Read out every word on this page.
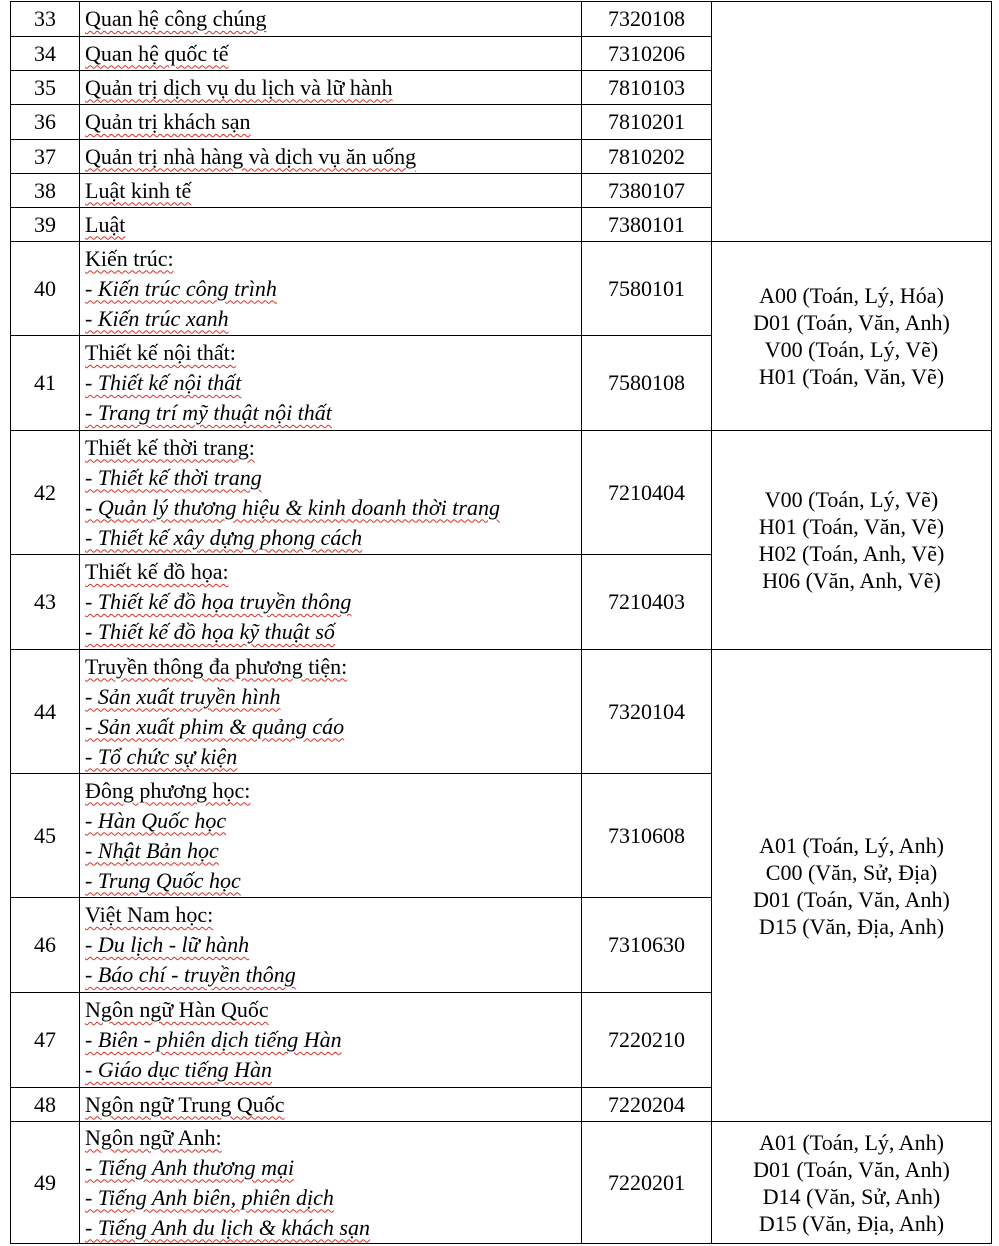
33	Quan hệ công chúng	7320108	
34	Quan hệ quốc tế	7310206	
35	Quản trị dịch vụ du lịch và lữ hành	7810103	
36	Quản trị khách sạn	7810201	
37	Quản trị nhà hàng và dịch vụ ăn uống	7810202	
38	Luật kinh tế	7380107	
39	Luật	7380101	
40	Kiến trúc:
- Kiến trúc công trình
- Kiến trúc xanh	7580101	A00 (Toán, Lý, Hóa)
D01 (Toán, Văn, Anh)
V00 (Toán, Lý, Vẽ)
H01 (Toán, Văn, Vẽ)

41	Thiết kế nội thất:
- Thiết kế nội thất
- Trang trí mỹ thuật nội thất	7580108	
42	Thiết kế thời trang:
- Thiết kế thời trang
- Quản lý thương hiệu & kinh doanh thời trang
- Thiết kế xây dựng phong cách	7210404	V00 (Toán, Lý, Vẽ)
H01 (Toán, Văn, Vẽ)
H02 (Toán, Anh, Vẽ)
H06 (Văn, Anh, Vẽ)

43	Thiết kế đồ họa:
- Thiết kế đồ họa truyền thông
- Thiết kế đồ họa kỹ thuật số	7210403	
44	Truyền thông đa phương tiện:
- Sản xuất truyền hình
- Sản xuất phim & quảng cáo
- Tổ chức sự kiện	7320104	A01 (Toán, Lý, Anh)
C00 (Văn, Sử, Địa)
D01 (Toán, Văn, Anh)
D15 (Văn, Địa, Anh)

45	Đông phương học:
- Hàn Quốc học
- Nhật Bản học
- Trung Quốc học	7310608	
46	Việt Nam học:
- Du lịch - lữ hành
- Báo chí - truyền thông	7310630	
47	Ngôn ngữ Hàn Quốc
- Biên - phiên dịch tiếng Hàn
- Giáo dục tiếng Hàn	7220210	
48	Ngôn ngữ Trung Quốc	7220204	
49	Ngôn ngữ Anh:
- Tiếng Anh thương mại
- Tiếng Anh biên, phiên dịch
- Tiếng Anh du lịch & khách sạn	7220201	A01 (Toán, Lý, Anh)
D01 (Toán, Văn, Anh)
D14 (Văn, Sử, Anh)
D15 (Văn, Địa, Anh)
